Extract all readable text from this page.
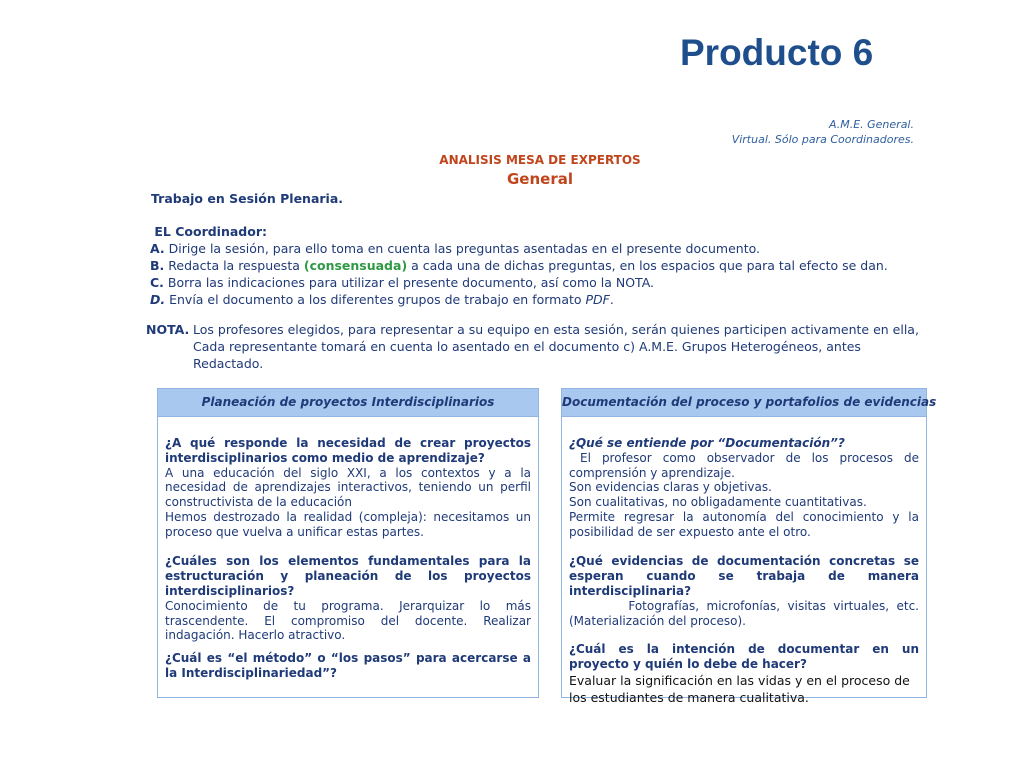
Producto 6
A.M.E. General.
Virtual. Sólo para Coordinadores.
ANALISIS MESA DE EXPERTOS
General
Trabajo en Sesión Plenaria.
EL Coordinador:
A. Dirige la sesión, para ello toma en cuenta las preguntas asentadas en el presente documento.
B. Redacta la respuesta (consensuada) a cada una de dichas preguntas, en los espacios que para tal efecto se dan.
C. Borra las indicaciones para utilizar el presente documento, así como la NOTA.
D. Envía el documento a los diferentes grupos de trabajo en formato PDF.
NOTA. Los profesores elegidos, para representar a su equipo en esta sesión, serán quienes participen activamente en ella,
Cada representante tomará en cuenta lo asentado en el documento c) A.M.E. Grupos Heterogéneos, antes
Redactado.
Planeación de proyectos Interdisciplinarios

¿A qué responde la necesidad de crear proyectos interdisciplinarios como medio de aprendizaje?

A una educación del siglo XXI, a los contextos y a la necesidad de aprendizajes interactivos, teniendo un perfil constructivista de la educación

Hemos destrozado la realidad (compleja): necesitamos un proceso que vuelva a unificar estas partes.

¿Cuáles son los elementos fundamentales para la estructuración y planeación de los proyectos interdisciplinarios?

Conocimiento de tu programa. Jerarquizar lo más trascendente. El compromiso del docente. Realizar indagación. Hacerlo atractivo.

¿Cuál es “el método” o “los pasos” para acercarse a la Interdisciplinariedad”?

Documentación del proceso y portafolios de evidencias

¿Qué se entiende por “Documentación”?

El profesor como observador de los procesos de comprensión y aprendizaje.

Son evidencias claras y objetivas.

Son cualitativas, no obligadamente cuantitativas.

Permite regresar la autonomía del conocimiento y la posibilidad de ser expuesto ante el otro.

¿Qué evidencias de documentación concretas se esperan cuando se trabaja de manera interdisciplinaria?

Fotografías, microfonías, visitas virtuales, etc. (Materialización del proceso).

¿Cuál es la intención de documentar en un proyecto y quién lo debe de hacer?

Evaluar la significación en las vidas y en el proceso de los estudiantes de manera cualitativa.
